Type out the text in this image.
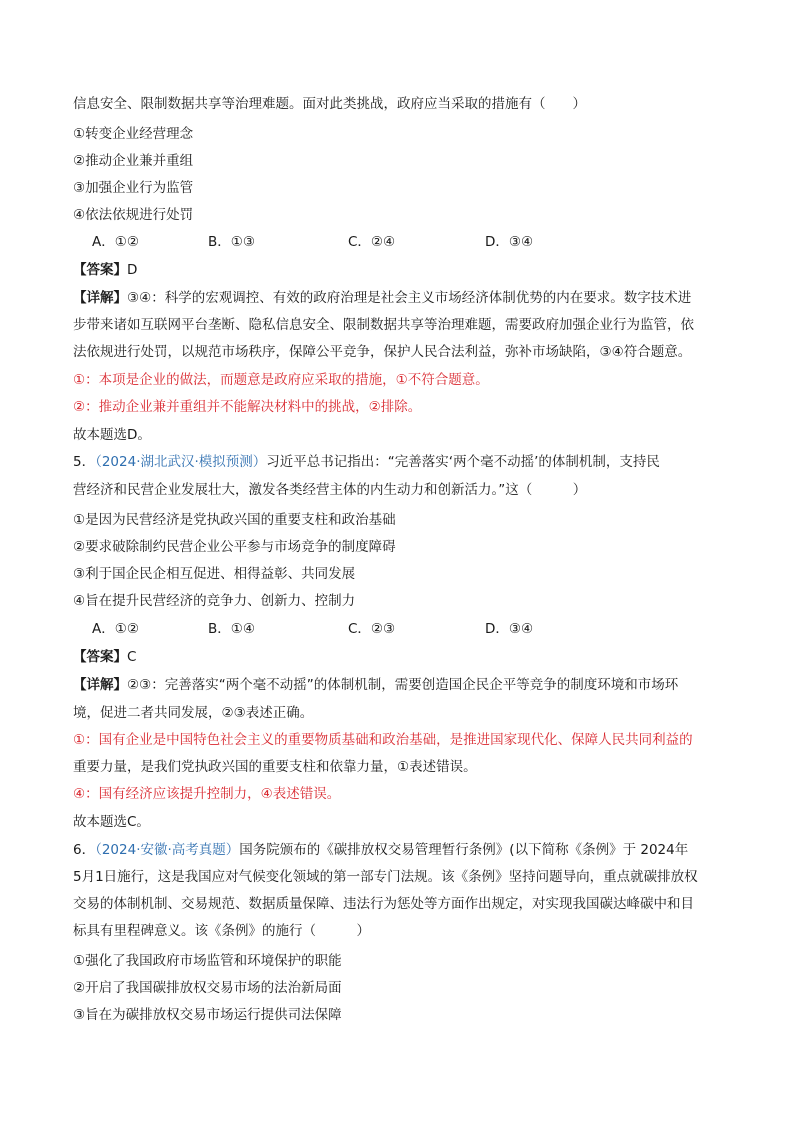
信息安全、限制数据共享等治理难题。面对此类挑战，政府应当采取的措施有（　　）
①转变企业经营理念
②推动企业兼并重组
③加强企业行为监管
④依法依规进行处罚
A．①②	B．①③	C．②④	D．③④
【答案】D
【详解】③④：科学的宏观调控、有效的政府治理是社会主义市场经济体制优势的内在要求。数字技术进
步带来诸如互联网平台垄断、隐私信息安全、限制数据共享等治理难题，需要政府加强企业行为监管，依
法依规进行处罚，以规范市场秩序，保障公平竞争，保护人民合法利益，弥补市场缺陷，③④符合题意。
①：本项是企业的做法，而题意是政府应采取的措施，①不符合题意。
②：推动企业兼并重组并不能解决材料中的挑战，②排除。
故本题选D。
5．（2024·湖北武汉·模拟预测）习近平总书记指出：“完善落实‘两个毫不动摇’的体制机制，支持民
营经济和民营企业发展壮大，激发各类经营主体的内生动力和创新活力。”这（　　　）
①是因为民营经济是党执政兴国的重要支柱和政治基础
②要求破除制约民营企业公平参与市场竞争的制度障碍
③利于国企民企相互促进、相得益彰、共同发展
④旨在提升民营经济的竞争力、创新力、控制力
A．①②	B．①④	C．②③	D．③④
【答案】C
【详解】②③：完善落实“两个毫不动摇”的体制机制，需要创造国企民企平等竞争的制度环境和市场环
境，促进二者共同发展，②③表述正确。
①：国有企业是中国特色社会主义的重要物质基础和政治基础，是推进国家现代化、保障人民共同利益的
重要力量，是我们党执政兴国的重要支柱和依靠力量，①表述错误。
④：国有经济应该提升控制力，④表述错误。
故本题选C。
6．（2024·安徽·高考真题）国务院颁布的《碳排放权交易管理暂行条例》(以下简称《条例》于 2024年
5月1日施行，这是我国应对气候变化领域的第一部专门法规。该《条例》坚持问题导向，重点就碳排放权
交易的体制机制、交易规范、数据质量保障、违法行为惩处等方面作出规定，对实现我国碳达峰碳中和目
标具有里程碑意义。该《条例》的施行（　　　）
①强化了我国政府市场监管和环境保护的职能
②开启了我国碳排放权交易市场的法治新局面
③旨在为碳排放权交易市场运行提供司法保障
